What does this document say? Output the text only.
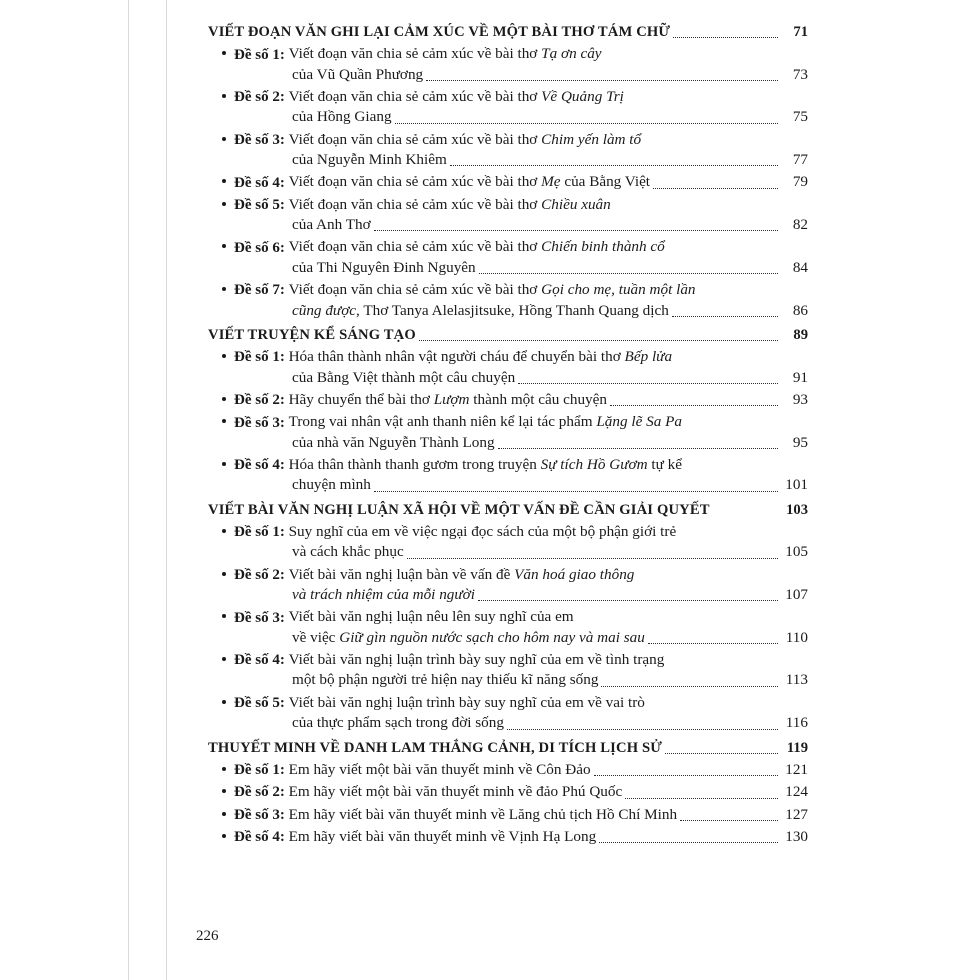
VIẾT ĐOẠN VĂN GHI LẠI CẢM XÚC VỀ MỘT BÀI THƠ TÁM CHỮ	71
Đề số 1: Viết đoạn văn chia sẻ cảm xúc về bài thơ Tạ ơn cây
của Vũ Quần Phương	73
Đề số 2: Viết đoạn văn chia sẻ cảm xúc về bài thơ Về Quảng Trị
của Hồng Giang	75
Đề số 3: Viết đoạn văn chia sẻ cảm xúc về bài thơ Chim yến làm tổ
của Nguyễn Minh Khiêm	77
Đề số 4: Viết đoạn văn chia sẻ cảm xúc về bài thơ Mẹ của Bằng Việt	79
Đề số 5: Viết đoạn văn chia sẻ cảm xúc về bài thơ Chiều xuân
của Anh Thơ	82
Đề số 6: Viết đoạn văn chia sẻ cảm xúc về bài thơ Chiến binh thành cổ
của Thi Nguyên Đinh Nguyên	84
Đề số 7: Viết đoạn văn chia sẻ cảm xúc về bài thơ Gọi cho mẹ, tuần một lần
cũng được, Thơ Tanya Alelasjitsuke, Hồng Thanh Quang dịch	86
VIẾT TRUYỆN KỂ SÁNG TẠO	89
Đề số 1: Hóa thân thành nhân vật người cháu để chuyển bài thơ Bếp lửa
của Bằng Việt thành một câu chuyện	91
Đề số 2: Hãy chuyển thể bài thơ Lượm thành một câu chuyện	93
Đề số 3: Trong vai nhân vật anh thanh niên kể lại tác phẩm Lặng lẽ Sa Pa
của nhà văn Nguyễn Thành Long	95
Đề số 4: Hóa thân thành thanh gươm trong truyện Sự tích Hồ Gươm tự kể
chuyện mình	101
VIẾT BÀI VĂN NGHỊ LUẬN XÃ HỘI VỀ MỘT VẤN ĐỀ CẦN GIẢI QUYẾT	103
Đề số 1: Suy nghĩ của em về việc ngại đọc sách của một bộ phận giới trẻ
và cách khắc phục	105
Đề số 2: Viết bài văn nghị luận bàn về vấn đề Văn hoá giao thông
và trách nhiệm của mỗi người	107
Đề số 3: Viết bài văn nghị luận nêu lên suy nghĩ của em
về việc Giữ gìn nguồn nước sạch cho hôm nay và mai sau	110
Đề số 4: Viết bài văn nghị luận trình bày suy nghĩ của em về tình trạng
một bộ phận người trẻ hiện nay thiếu kĩ năng sống	113
Đề số 5: Viết bài văn nghị luận trình bày suy nghĩ của em về vai trò
của thực phẩm sạch trong đời sống	116
THUYẾT MINH VỀ DANH LAM THẮNG CẢNH, DI TÍCH LỊCH SỬ	119
Đề số 1: Em hãy viết một bài văn thuyết minh về Côn Đảo	121
Đề số 2: Em hãy viết một bài văn thuyết minh về đảo Phú Quốc	124
Đề số 3: Em hãy viết bài văn thuyết minh về Lăng chủ tịch Hồ Chí Minh	127
Đề số 4: Em hãy viết bài văn thuyết minh về Vịnh Hạ Long	130
226
